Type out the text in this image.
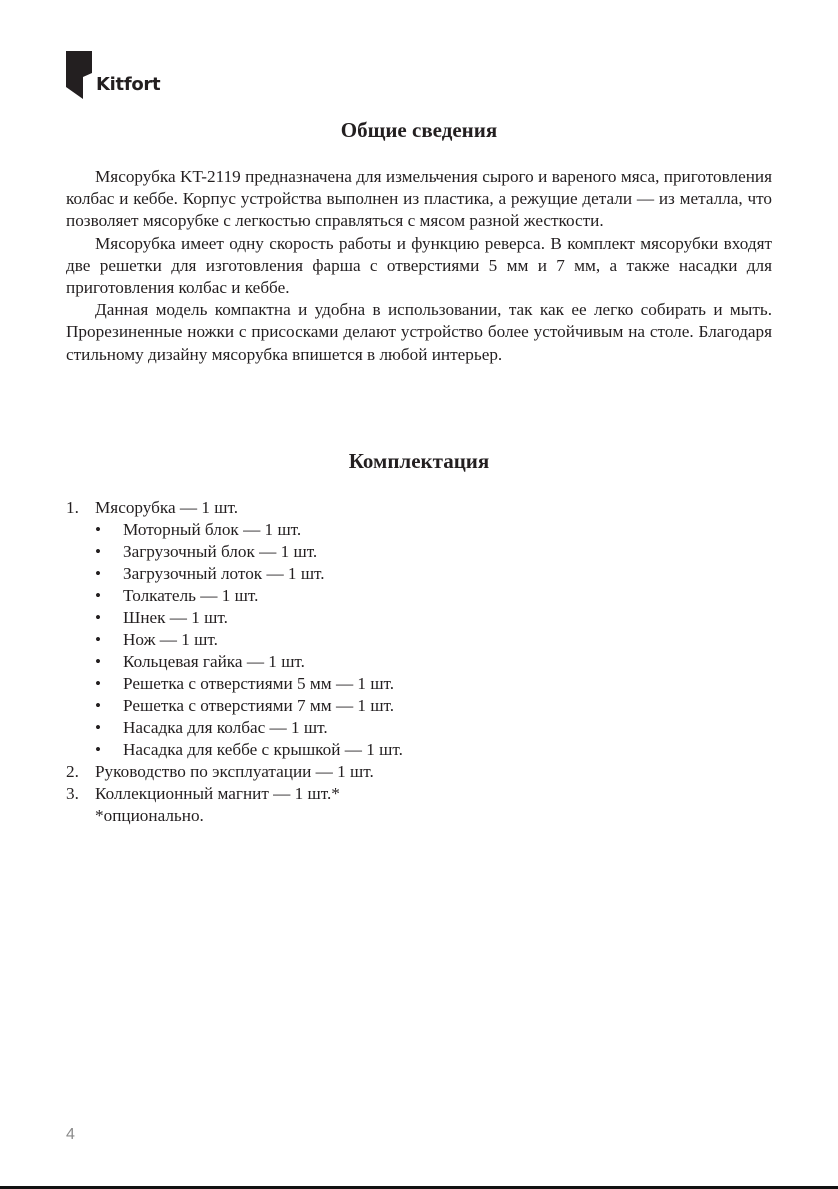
Kitfort
Общие сведения

Мясорубка KT-2119 предназначена для измельчения сырого и вареного мяса, приготовления колбас и кеббе. Корпус устройства выполнен из пластика, а режущие детали — из металла, что позволяет мясорубке с легкостью справляться с мясом разной жесткости.

Мясорубка имеет одну скорость работы и функцию реверса. В комплект мясорубки входят две решетки для изготовления фарша с отверстиями 5 мм и 7 мм, а также насадки для приготовления колбас и кеббе.

Данная модель компактна и удобна в использовании, так как ее легко собирать и мыть. Прорезиненные ножки с присосками делают устройство более устойчивым на столе. Благодаря стильному дизайну мясорубка впишется в любой интерьер.

Комплектация
1. Мясорубка — 1 шт.
• Моторный блок — 1 шт.
• Загрузочный блок — 1 шт.
• Загрузочный лоток — 1 шт.
• Толкатель — 1 шт.
• Шнек — 1 шт.
• Нож — 1 шт.
• Кольцевая гайка — 1 шт.
• Решетка с отверстиями 5 мм — 1 шт.
• Решетка с отверстиями 7 мм — 1 шт.
• Насадка для колбас — 1 шт.
• Насадка для кеббе с крышкой — 1 шт.
2. Руководство по эксплуатации — 1 шт.
3. Коллекционный магнит — 1 шт.*
*опционально.
4
